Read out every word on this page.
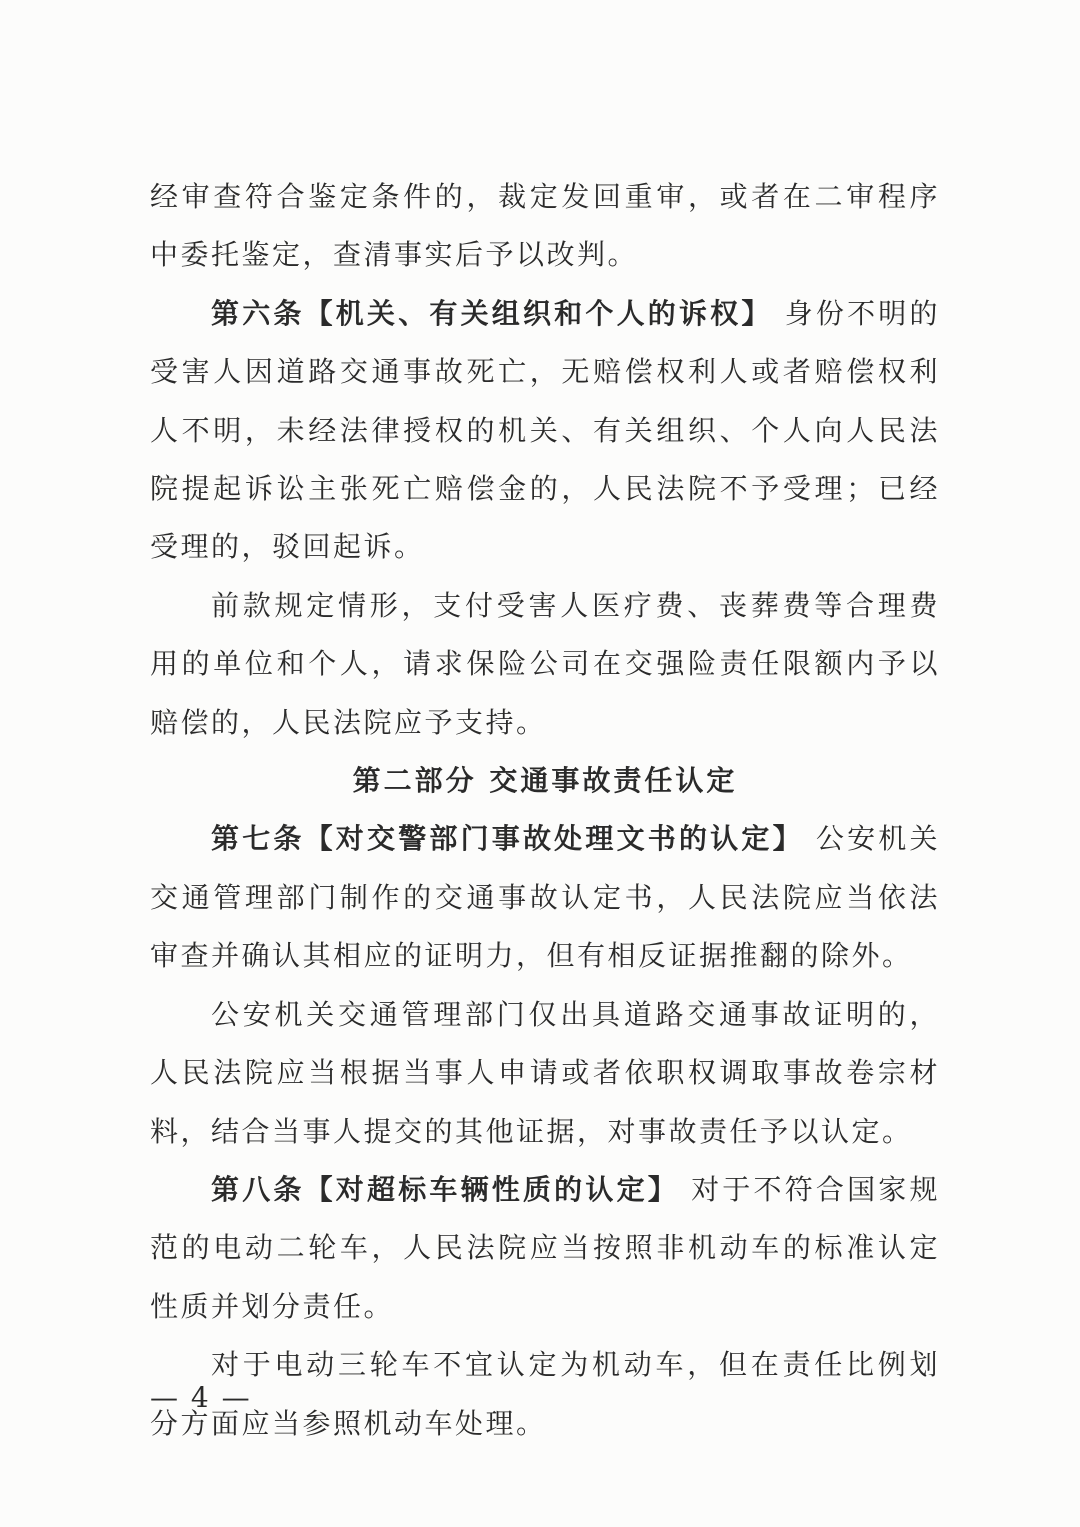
经审查符合鉴定条件的，裁定发回重审，或者在二审程序中委托鉴定，查清事实后予以改判。

第六条【机关、有关组织和个人的诉权】 身份不明的受害人因道路交通事故死亡，无赔偿权利人或者赔偿权利人不明，未经法律授权的机关、有关组织、个人向人民法院提起诉讼主张死亡赔偿金的，人民法院不予受理；已经受理的，驳回起诉。

前款规定情形，支付受害人医疗费、丧葬费等合理费用的单位和个人，请求保险公司在交强险责任限额内予以赔偿的，人民法院应予支持。

第二部分 交通事故责任认定

第七条【对交警部门事故处理文书的认定】 公安机关交通管理部门制作的交通事故认定书，人民法院应当依法审查并确认其相应的证明力，但有相反证据推翻的除外。

公安机关交通管理部门仅出具道路交通事故证明的，人民法院应当根据当事人申请或者依职权调取事故卷宗材料，结合当事人提交的其他证据，对事故责任予以认定。

第八条【对超标车辆性质的认定】 对于不符合国家规范的电动二轮车，人民法院应当按照非机动车的标准认定性质并划分责任。

对于电动三轮车不宜认定为机动车，但在责任比例划分方面应当参照机动车处理。

— 4 —
